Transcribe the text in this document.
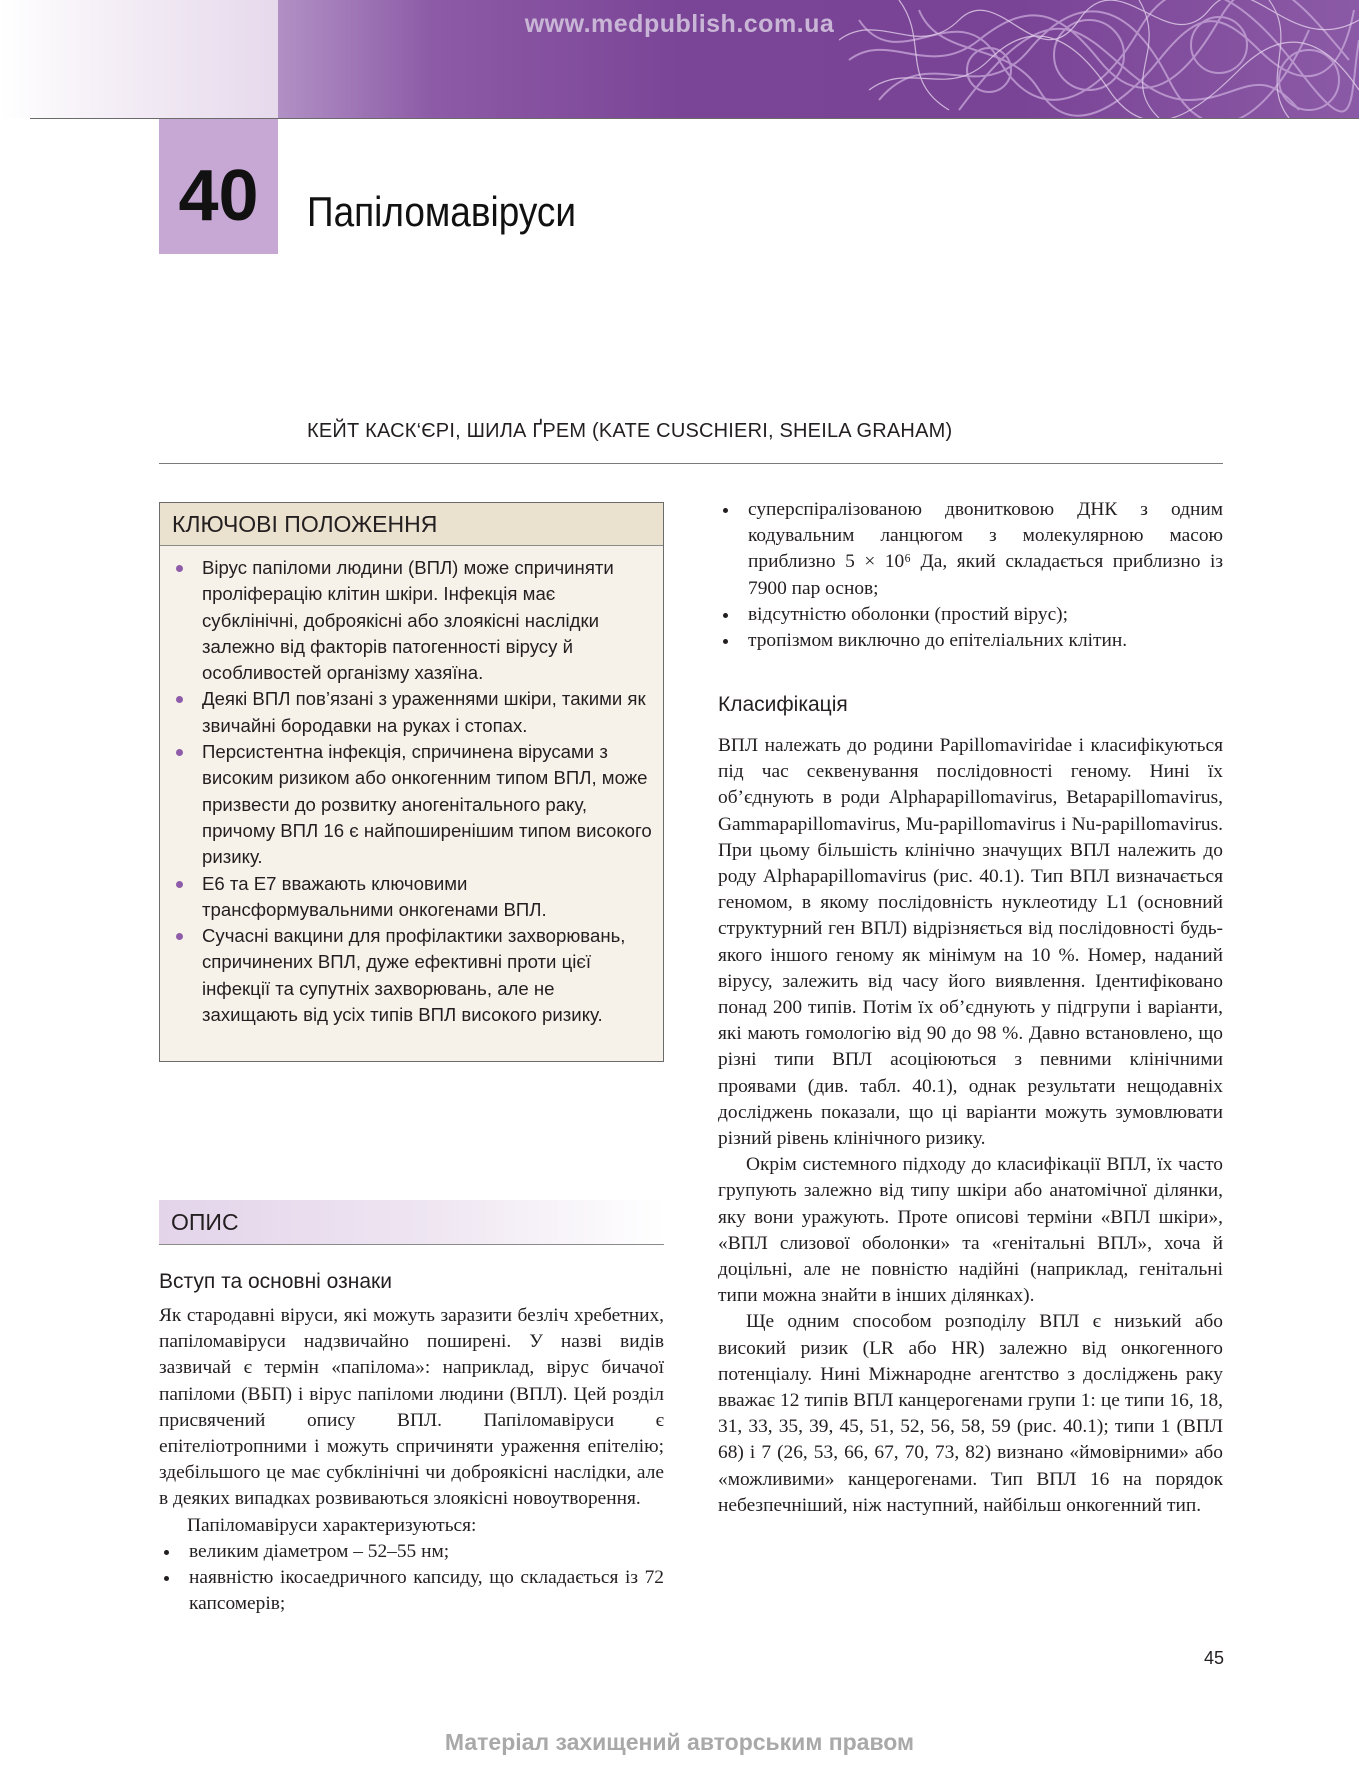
www.medpublish.com.ua
40	Папіломавіруси
КЕЙТ КАСК‘ЄРІ, ШИЛА ҐРЕМ (KATE CUSCHIERI, SHEILA GRAHAM)
КЛЮЧОВІ ПОЛОЖЕННЯ
Вірус папіломи людини (ВПЛ) може спричиняти проліферацію клітин шкіри. Інфекція має субклінічні, доброякісні або злоякісні наслідки залежно від факторів патогенності вірусу й особливостей організму хазяїна.
Деякі ВПЛ пов’язані з ураженнями шкіри, такими як звичайні бородавки на руках і стопах.
Персистентна інфекція, спричинена вірусами з високим ризиком або онкогенним типом ВПЛ, може призвести до розвитку аногенітального раку, причому ВПЛ 16 є найпоширенішим типом високого ризику.
E6 та E7 вважають ключовими трансформувальними онкогенами ВПЛ.
Сучасні вакцини для профілактики захворювань, спричинених ВПЛ, дуже ефективні проти цієї інфекції та супутніх захворювань, але не захищають від усіх типів ВПЛ високого ризику.
ОПИС
Вступ та основні ознаки

Як стародавні віруси, які можуть заразити безліч хребетних, папіломавіруси надзвичайно поширені. У назві видів зазвичай є термін «папілома»: наприклад, вірус бичачої папіломи (ВБП) і вірус папіломи людини (ВПЛ). Цей розділ присвячений опису ВПЛ. Папіломавіруси є епітеліотропними і можуть спричиняти ураження епітелію; здебільшого це має субклінічні чи доброякісні наслідки, але в деяких випадках розвиваються злоякісні новоутворення.

Папіломавіруси характеризуються:

великим діаметром – 52–55 нм;
наявністю ікосаедричного капсиду, що складається із 72 капсомерів;
суперспіралізованою двонитковою ДНК з одним кодувальним ланцюгом з молекулярною масою приблизно 5 × 10⁶ Да, який складається приблизно із 7900 пар основ;
відсутністю оболонки (простий вірус);
тропізмом виключно до епітеліальних клітин.
Класифікація

ВПЛ належать до родини Papillomaviridae і класифікуються під час секвенування послідовності геному. Нині їх об’єднують в роди Alphapapillomavirus, Betapapillomavirus, Gammapapillomavirus, Mu-papillomavirus і Nu-papillomavirus. При цьому більшість клінічно значущих ВПЛ належить до роду Alphapapillomavirus (рис. 40.1). Тип ВПЛ визначається геномом, в якому послідовність нуклеотиду L1 (основний структурний ген ВПЛ) відрізняється від послідовності будь-якого іншого геному як мінімум на 10 %. Номер, наданий вірусу, залежить від часу його виявлення. Ідентифіковано понад 200 типів. Потім їх об’єднують у підгрупи і варіанти, які мають гомологію від 90 до 98 %. Давно встановлено, що різні типи ВПЛ асоціюються з певними клінічними проявами (див. табл. 40.1), однак результати нещодавніх досліджень показали, що ці варіанти можуть зумовлювати різний рівень клінічного ризику.

Окрім системного підходу до класифікації ВПЛ, їх часто групують залежно від типу шкіри або анатомічної ділянки, яку вони уражують. Проте описові терміни «ВПЛ шкіри», «ВПЛ слизової оболонки» та «генітальні ВПЛ», хоча й доцільні, але не повністю надійні (наприклад, генітальні типи можна знайти в інших ділянках).

Ще одним способом розподілу ВПЛ є низький або високий ризик (LR або HR) залежно від онкогенного потенціалу. Нині Міжнародне агентство з досліджень раку вважає 12 типів ВПЛ канцерогенами групи 1: це типи 16, 18, 31, 33, 35, 39, 45, 51, 52, 56, 58, 59 (рис. 40.1); типи 1 (ВПЛ 68) і 7 (26, 53, 66, 67, 70, 73, 82) визнано «ймовірними» або «можливими» канцерогенами. Тип ВПЛ 16 на порядок небезпечніший, ніж наступний, найбільш онкогенний тип.

45
Матеріал захищений авторським правом
